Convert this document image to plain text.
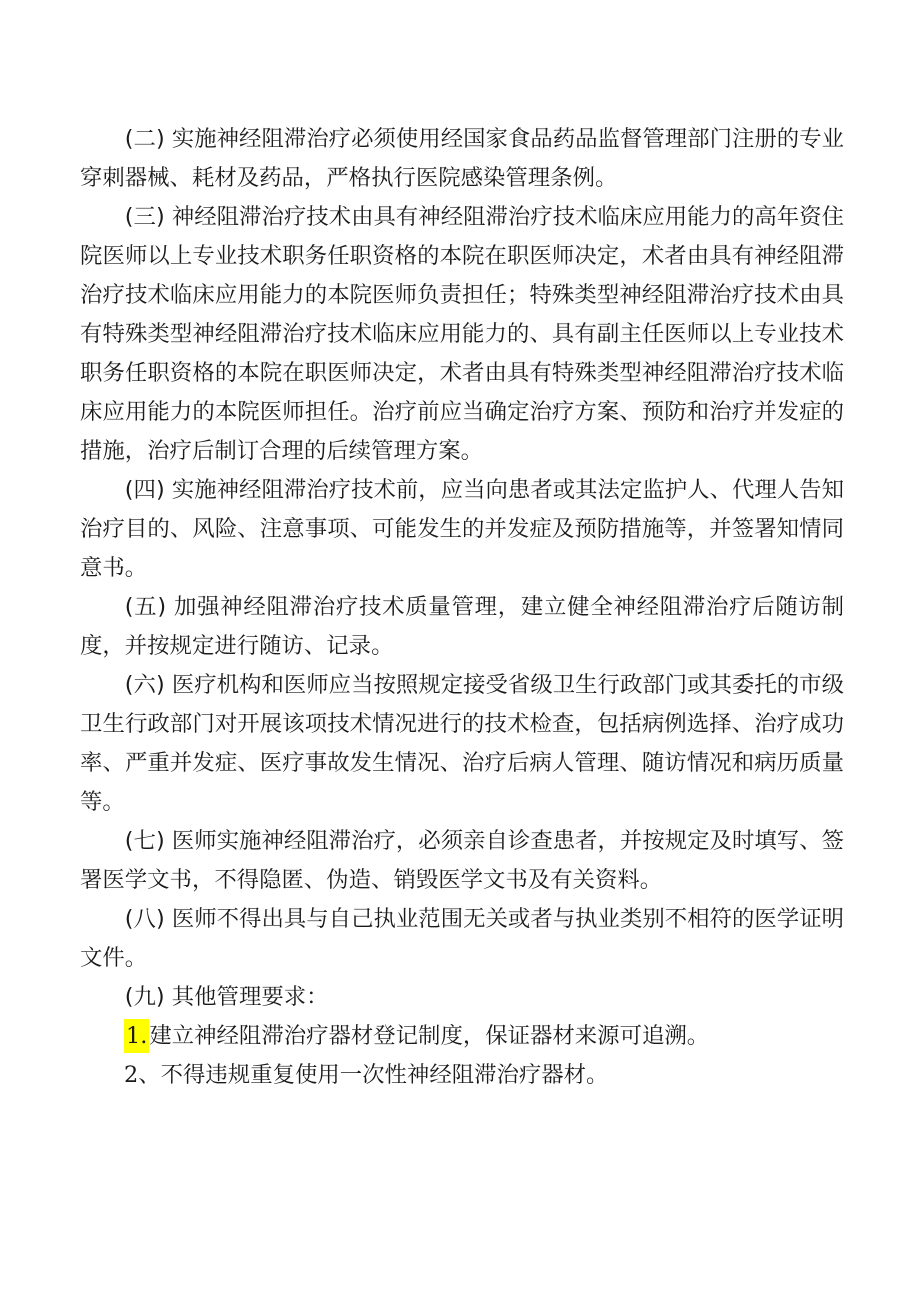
(二) 实施神经阻滞治疗必须使用经国家食品药品监督管理部门注册的专业穿刺器械、耗材及药品，严格执行医院感染管理条例。

(三) 神经阻滞治疗技术由具有神经阻滞治疗技术临床应用能力的高年资住院医师以上专业技术职务任职资格的本院在职医师决定，术者由具有神经阻滞治疗技术临床应用能力的本院医师负责担任；特殊类型神经阻滞治疗技术由具有特殊类型神经阻滞治疗技术临床应用能力的、具有副主任医师以上专业技术职务任职资格的本院在职医师决定，术者由具有特殊类型神经阻滞治疗技术临床应用能力的本院医师担任。治疗前应当确定治疗方案、预防和治疗并发症的措施，治疗后制订合理的后续管理方案。

(四) 实施神经阻滞治疗技术前，应当向患者或其法定监护人、代理人告知治疗目的、风险、注意事项、可能发生的并发症及预防措施等，并签署知情同意书。

(五) 加强神经阻滞治疗技术质量管理，建立健全神经阻滞治疗后随访制度，并按规定进行随访、记录。

(六) 医疗机构和医师应当按照规定接受省级卫生行政部门或其委托的市级卫生行政部门对开展该项技术情况进行的技术检查，包括病例选择、治疗成功率、严重并发症、医疗事故发生情况、治疗后病人管理、随访情况和病历质量等。

(七) 医师实施神经阻滞治疗，必须亲自诊查患者，并按规定及时填写、签署医学文书，不得隐匿、伪造、销毁医学文书及有关资料。

(八) 医师不得出具与自己执业范围无关或者与执业类别不相符的医学证明文件。

(九) 其他管理要求：

1.建立神经阻滞治疗器材登记制度，保证器材来源可追溯。

2、不得违规重复使用一次性神经阻滞治疗器材。
